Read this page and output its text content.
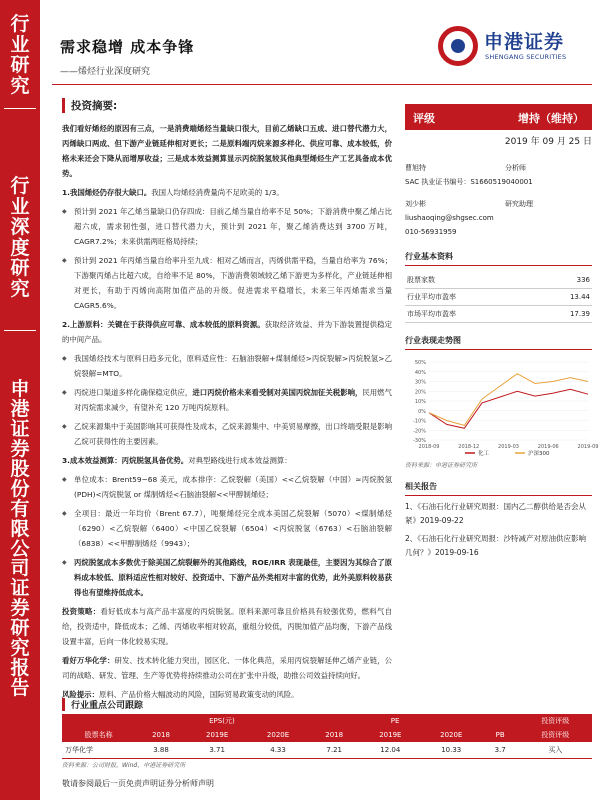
行
业
研
究
行
业
深
度
研
究
申
港
证
券
股
份
有
限
公
司
证
券
研
究
报
告
需求稳增 成本争锋
——烯烃行业深度研究
申港证券
SHENGANG SECURITIES
投资摘要:

我们看好烯烃的原因有三点，一是消费端烯烃当量缺口很大，目前乙烯缺口五成、进口替代潜力大，丙烯缺口两成、但下游产业链延伸相对更长；二是原料端丙烷来源多样化、供应可靠、成本较低，价格未来还会下降从而增厚收益；三是成本效益测算显示丙烷脱氢较其他典型烯烃生产工艺具备成本优势。

1.我国烯烃仍存很大缺口。我国人均烯烃消费量尚不足欧美的 1/3。

◆ 预计到 2021 年乙烯当量缺口仍存四成：目前乙烯当量自给率不足 50%；下游消费中聚乙烯占比超六成，需求韧性强，进口替代潜力大，预计到 2021 年，聚乙烯消费达到 3700 万吨，CAGR7.2%；未来供需两旺格局持续；

◆ 预计到 2021 年丙烯当量自给率升至九成：相对乙烯而言，丙烯供需平稳，当量自给率为 76%；下游聚丙烯占比超六成，自给率不足 80%，下游消费领域较乙烯下游更为多样化，产业链延伸相对更长，有助于丙烯向高附加值产品的升级。促进需求平稳增长，未来三年丙烯需求当量 CAGR5.6%。

2.上游原料：关键在于获得供应可靠、成本较低的原料资源。获取经济效益、并为下游装置提供稳定的中间产品。

◆ 我国烯烃技术与原料日趋多元化，原料适应性：石脑油裂解+煤制烯烃>丙烷裂解>丙烷脱氢>乙烷裂解=MTO。

◆ 丙烷进口渠道多样化确保稳定供应，进口丙烷价格未来看受制对美国丙烷加征关税影响，民用燃气对丙烷需求减少，有望补充 120 万吨丙烷原料。

◆ 乙烷来源集中于美国影响其可获得性及成本，乙烷来源集中、中美贸易摩擦，出口终端受限是影响乙烷可获得性的主要因素。

3.成本效益测算：丙烷脱氢具备优势。对典型路线进行成本效益测算：

◆ 单位成本：Brent59~68 美元，成本排序：乙烷裂解（美国）<<乙烷裂解（中国）≈丙烷脱氢 (PDH)<丙烷脱氢 or 煤制烯烃<石脑油裂解<<甲醇制烯烃；

◆ 全项目：最近一年均价（Brent 67.7），吨聚烯烃完全成本美国乙烷裂解（5070）<煤制烯烃（6290）<乙烷裂解（6400）<中国乙烷裂解（6504）<丙烷脱氢（6763）<石脑油裂解（6838）<<甲醇制烯烃（9943）；

◆ 丙烷脱氢成本多数优于除美国乙烷裂解外的其他路线，ROE/IRR 表现最佳，主要因为其综合了原料成本较低、原料适应性相对较好、投资适中、下游产品外类相对丰富的优势，此外美原料较易获得也有望维持低成本。

投资策略：看好低成本与高产品丰富度的丙烷脱氢。原料来源可靠且价格具有较强优势，燃料气自给，投资适中，降低成本；乙烯、丙烯收率相对较高，重组分较低，丙脱加值产品均衡，下游产品线设置丰富，后向一体化较易实现。

看好万华化学：研发、技术转化能力突出，园区化、一体化典范，采用丙烷裂解延伸乙烯产业链，公司的战略、研发、管理、生产等优势将持续推动公司在扩张中升级，助推公司效益持续向好。

风险提示：原料、产品价格大幅波动的风险，国际贸易政策变动的风险。

评级	增持（维持）
2019 年 09 月 25 日
曹旭特	分析师
SAC 执业证书编号：S1660519040001
刘少彬	研究助理
liushaoqing@shgsec.com
010-56931959
行业基本资料
股票家数	336
行业平均市盈率	13.44
市场平均市盈率	17.39
行业表现走势图
50%
40%
30%
20%
10%
0%
-10%
-20%
-30%
2018-09	2018-12	2019-03	2019-06	2019-09
化工	沪深300
资料来源：申港证券研究所
相关报告
1、《石油石化行业研究周报：国内乙二醇供给是否会从紧》2019-09-22
2、《石油石化行业研究周报：沙特减产对原油供应影响几何？》2019-09-16
行业重点公司跟踪
	EPS(元)			PE				投资评级
股票名称	2018	2019E	2020E	2018	2019E	2020E	PB	投资评级
万华化学	3.88	3.71	4.33	7.21	12.04	10.33	3.7	买入
资料来源：公司财报，Wind，申港证券研究所
敬请参阅最后一页免责声明证券分析师声明
